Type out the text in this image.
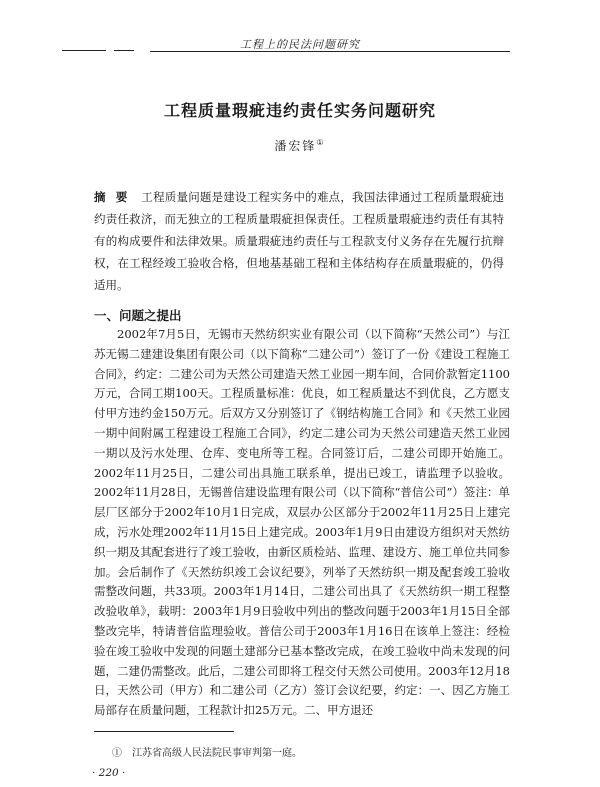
工程上的民法问题研究
工程质量瑕疵违约责任实务问题研究
潘宏锋①
摘要 工程质量问题是建设工程实务中的难点，我国法律通过工程质量瑕疵违约责任救济，而无独立的工程质量瑕疵担保责任。工程质量瑕疵违约责任有其特有的构成要件和法律效果。质量瑕疵违约责任与工程款支付义务存在先履行抗辩权，在工程经竣工验收合格，但地基基础工程和主体结构存在质量瑕疵的，仍得适用。
一、问题之提出

2002年7月5日，无锡市天然纺织实业有限公司（以下简称“天然公司”）与江苏无锡二建建设集团有限公司（以下简称“二建公司”）签订了一份《建设工程施工合同》，约定：二建公司为天然公司建造天然工业园一期车间，合同价款暂定1100万元，合同工期100天。工程质量标准：优良，如工程质量达不到优良，乙方愿支付甲方违约金150万元。后双方又分别签订了《钢结构施工合同》和《天然工业园一期中间附属工程建设工程施工合同》，约定二建公司为天然公司建造天然工业园一期以及污水处理、仓库、变电所等工程。合同签订后，二建公司即开始施工。2002年11月25日，二建公司出具施工联系单，提出已竣工，请监理予以验收。2002年11月28日，无锡普信建设监理有限公司（以下简称“普信公司”）签注：单层厂区部分于2002年10月1日完成，双层办公区部分于2002年11月25日上建完成，污水处理2002年11月15日上建完成。2003年1月9日由建设方组织对天然纺织一期及其配套进行了竣工验收，由新区质检站、监理、建设方、施工单位共同参加。会后制作了《天然纺织竣工会议纪要》，列举了天然纺织一期及配套竣工验收需整改问题，共33项。2003年1月14日，二建公司出具了《天然纺织一期工程整改验收单》，载明：2003年1月9日验收中列出的整改问题于2003年1月15日全部整改完毕，特请普信监理验收。普信公司于2003年1月16日在该单上签注：经检验在竣工验收中发现的问题土建部分已基本整改完成，在竣工验收中尚未发现的问题，二建仍需整改。此后，二建公司即将工程交付天然公司使用。2003年12月18日，天然公司（甲方）和二建公司（乙方）签订会议纪要，约定：一、因乙方施工局部存在质量问题，工程款计扣25万元。二、甲方退还

①　江苏省高级人民法院民事审判第一庭。
· 220 ·
